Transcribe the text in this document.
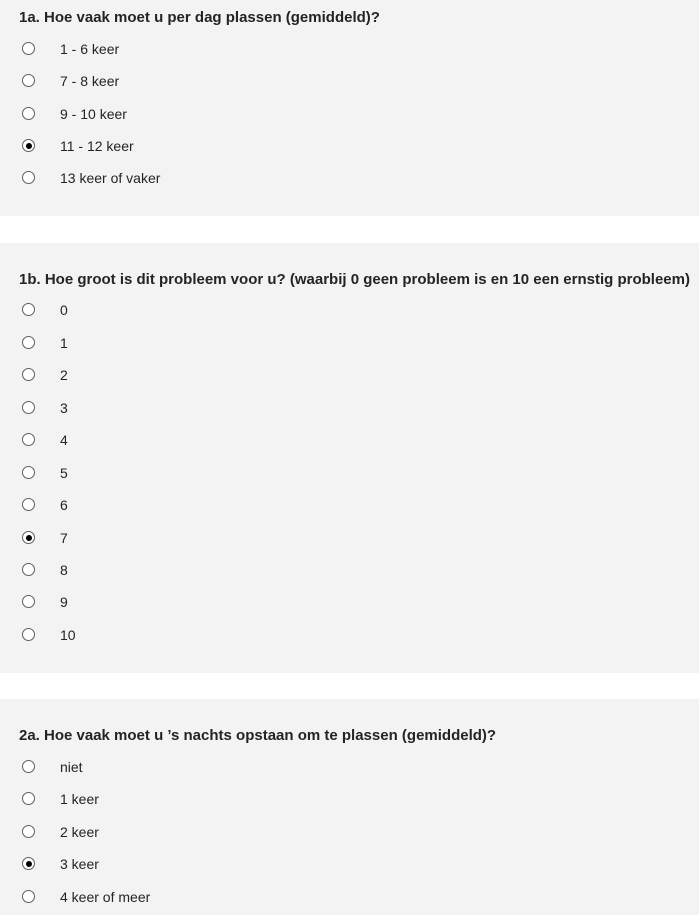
1a. Hoe vaak moet u per dag plassen (gemiddeld)?
1 - 6 keer
7 - 8 keer
9 - 10 keer
11 - 12 keer
13 keer of vaker
1b. Hoe groot is dit probleem voor u? (waarbij 0 geen probleem is en 10 een ernstig probleem)
0
1
2
3
4
5
6
7
8
9
10
2a. Hoe vaak moet u ’s nachts opstaan om te plassen (gemiddeld)?
niet
1 keer
2 keer
3 keer
4 keer of meer
